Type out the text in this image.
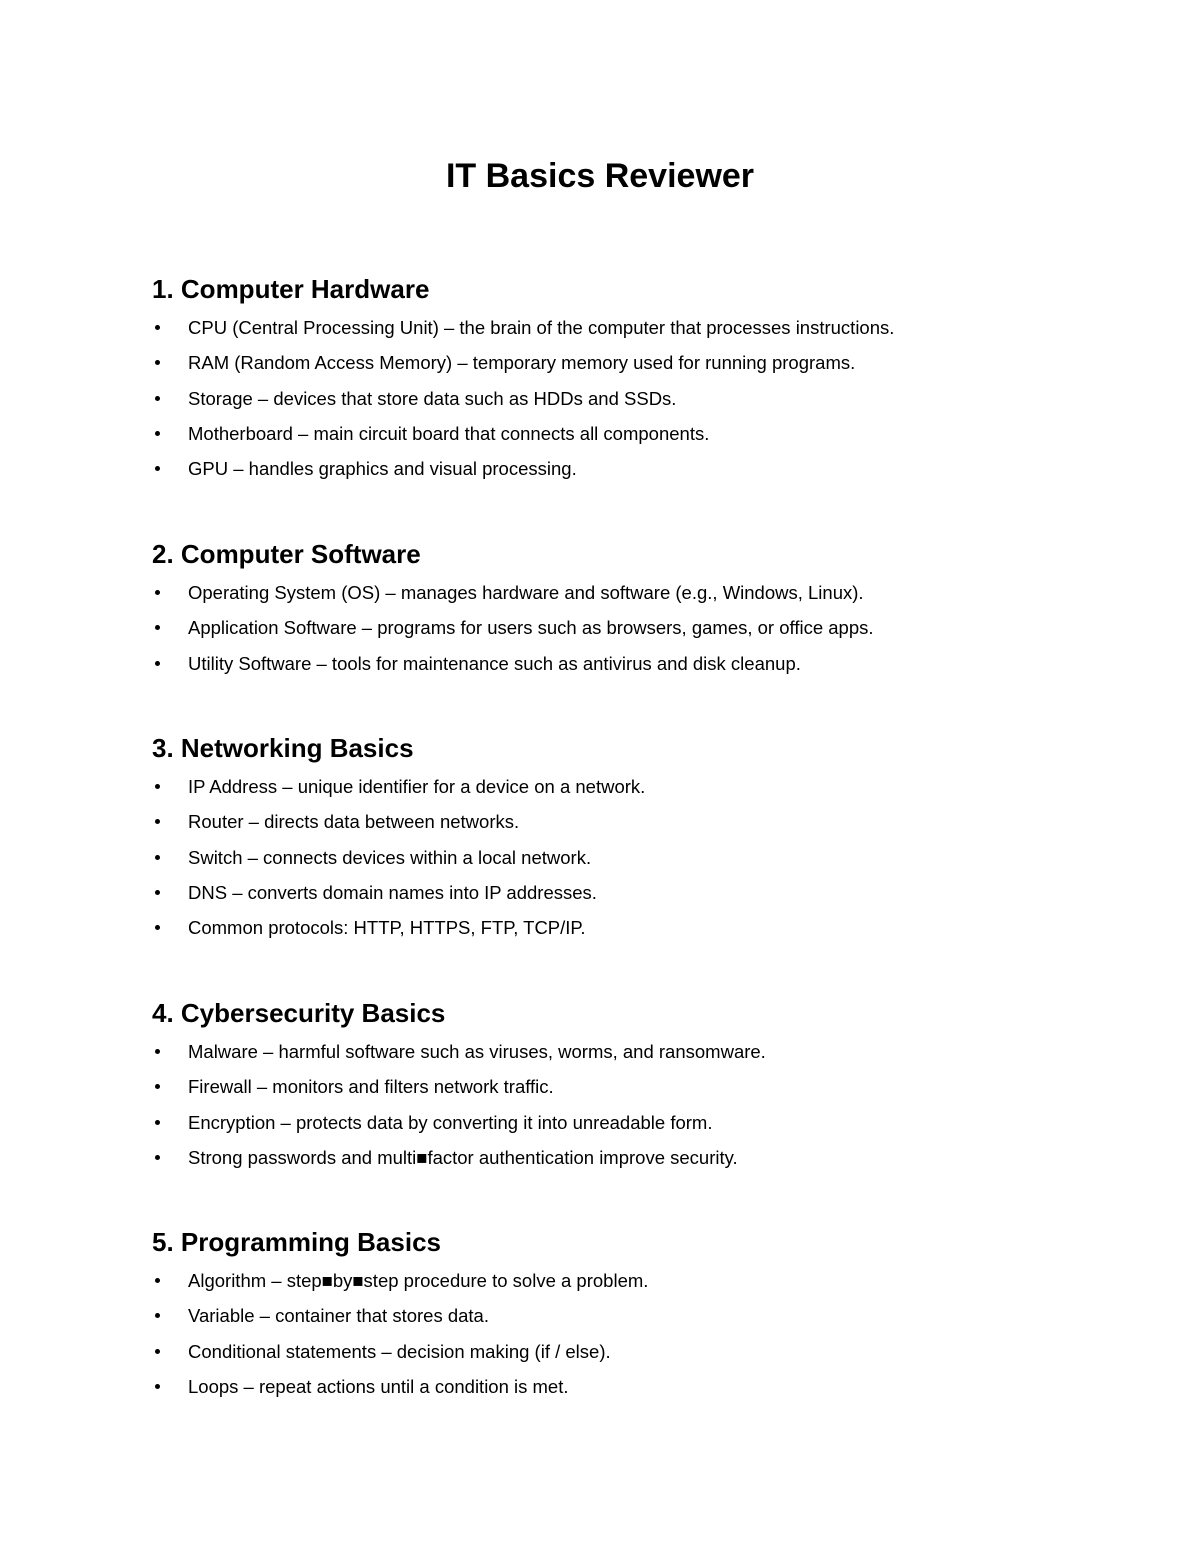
IT Basics Reviewer
1. Computer Hardware
CPU (Central Processing Unit) – the brain of the computer that processes instructions.
RAM (Random Access Memory) – temporary memory used for running programs.
Storage – devices that store data such as HDDs and SSDs.
Motherboard – main circuit board that connects all components.
GPU – handles graphics and visual processing.
2. Computer Software
Operating System (OS) – manages hardware and software (e.g., Windows, Linux).
Application Software – programs for users such as browsers, games, or office apps.
Utility Software – tools for maintenance such as antivirus and disk cleanup.
3. Networking Basics
IP Address – unique identifier for a device on a network.
Router – directs data between networks.
Switch – connects devices within a local network.
DNS – converts domain names into IP addresses.
Common protocols: HTTP, HTTPS, FTP, TCP/IP.
4. Cybersecurity Basics
Malware – harmful software such as viruses, worms, and ransomware.
Firewall – monitors and filters network traffic.
Encryption – protects data by converting it into unreadable form.
Strong passwords and multi■factor authentication improve security.
5. Programming Basics
Algorithm – step■by■step procedure to solve a problem.
Variable – container that stores data.
Conditional statements – decision making (if / else).
Loops – repeat actions until a condition is met.
